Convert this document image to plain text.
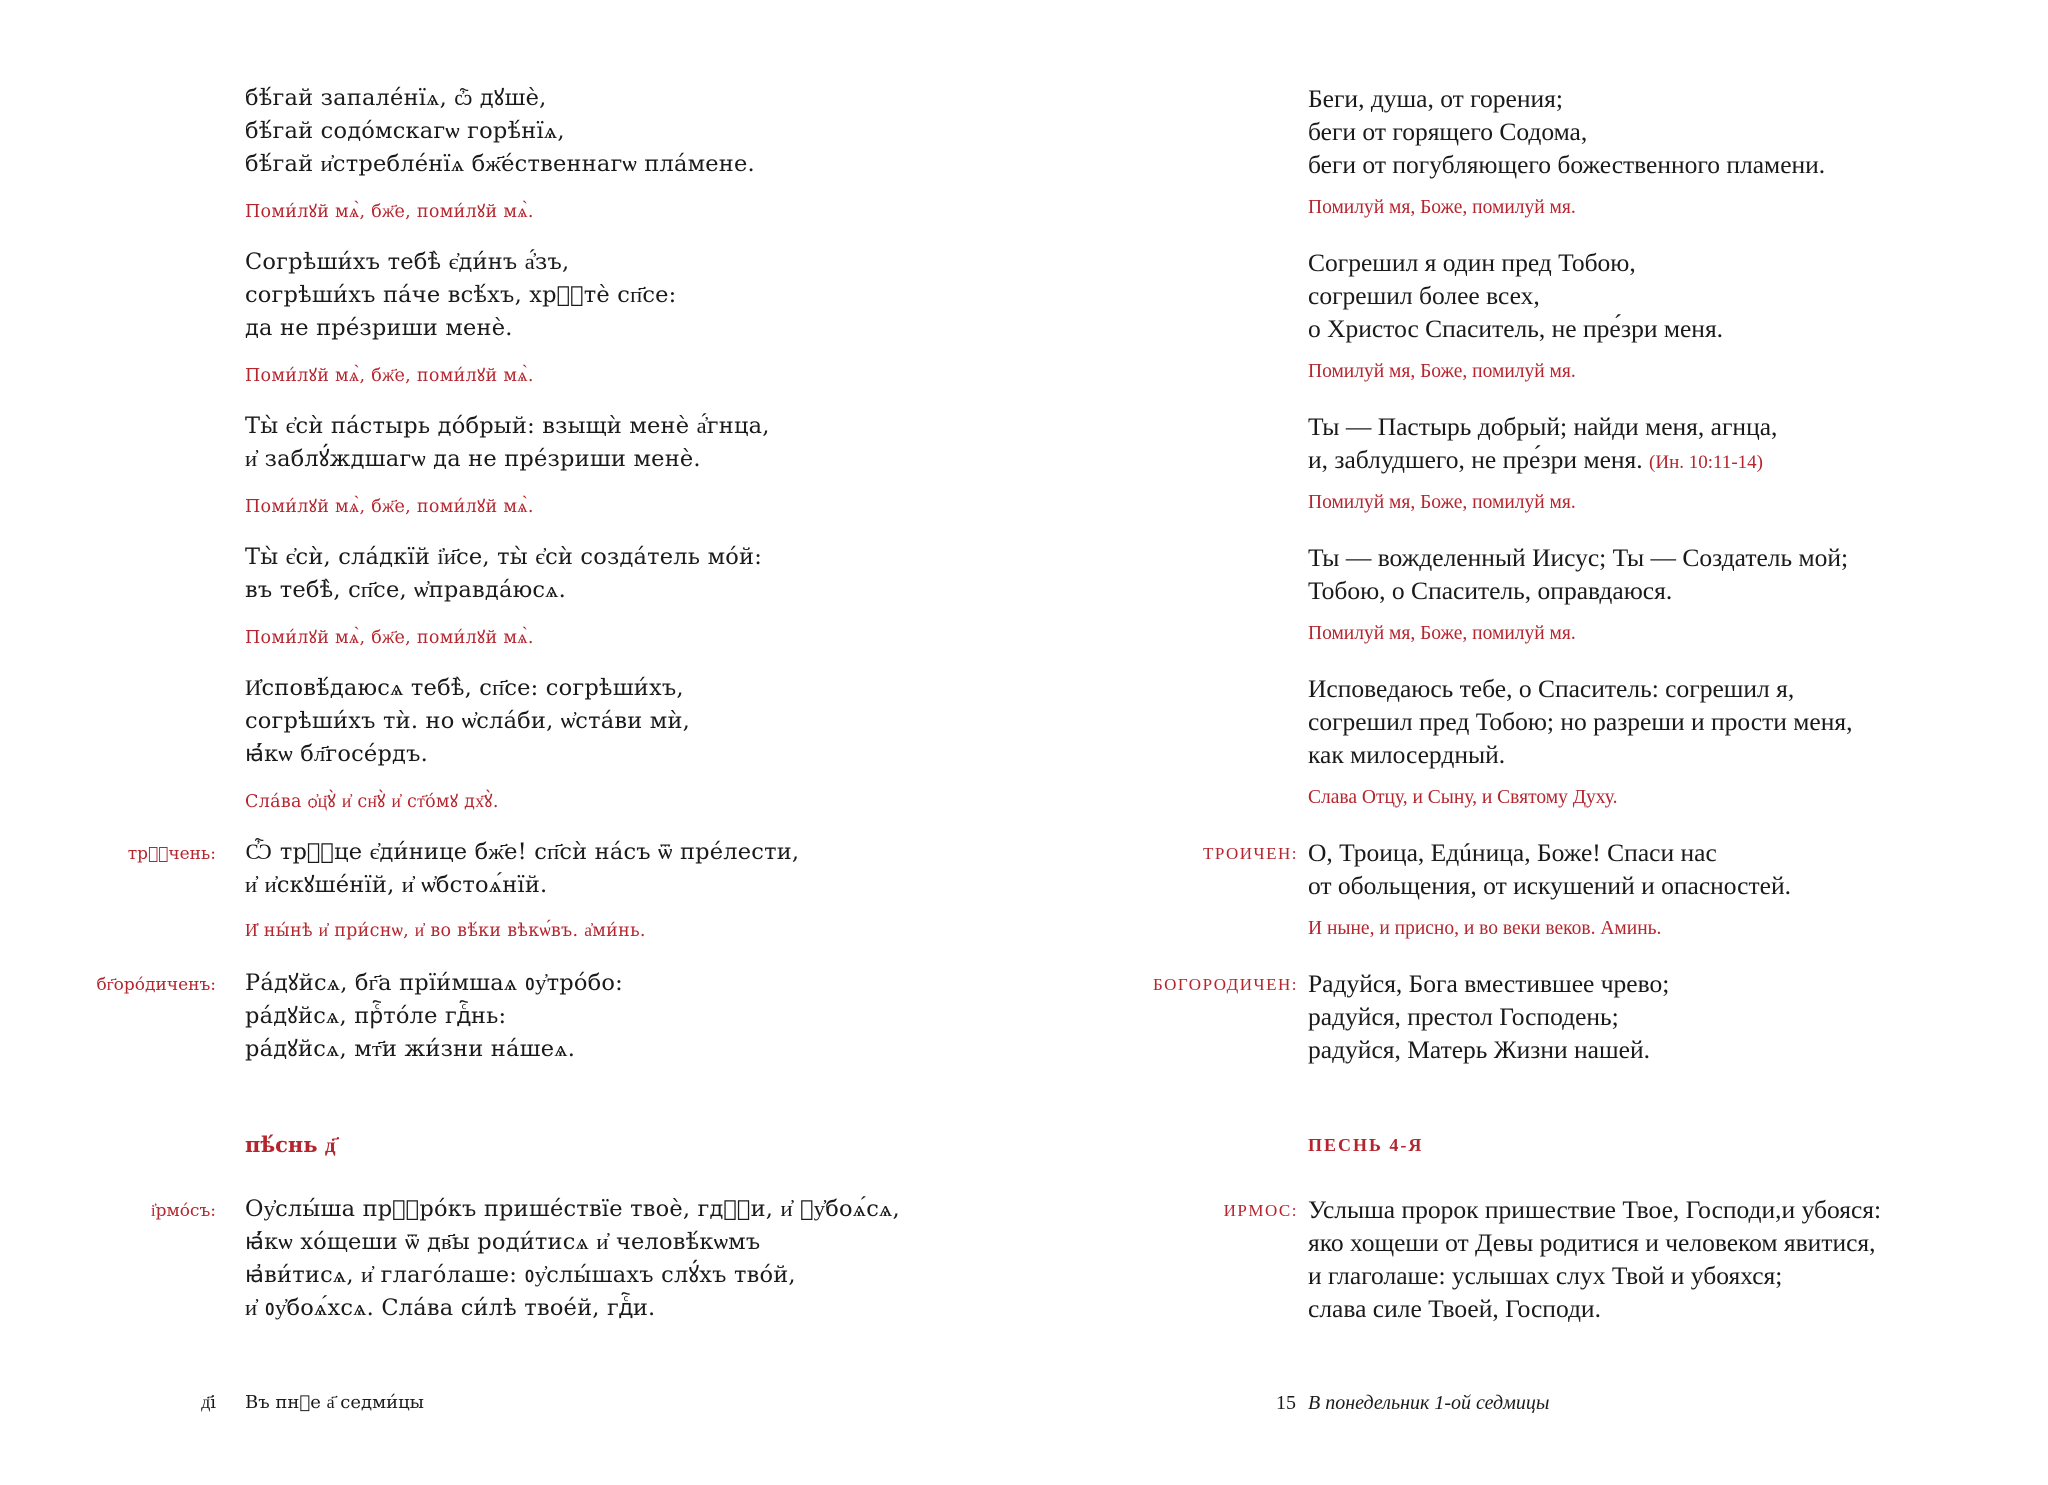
бѣ́гай запале́нїѧ, ѽ дꙋшѐ,
бѣ́гай содо́мскагѡ горѣ́нїѧ,
бѣ́гай и҆стребле́нїѧ бж҃е́ственнагѡ пла́мене.
Поми́лꙋй мѧ̀, бж҃е, поми́лꙋй мѧ̀.
Согрѣши́хъ тебѣ̀ є҆ди́нъ а҆́зъ,
согрѣши́хъ па́че всѣ́хъ, хрⷭ҇тѐ сп҃се:
да не пре́зриши менѐ.
Поми́лꙋй мѧ̀, бж҃е, поми́лꙋй мѧ̀.
Ты̀ є҆сѝ па́стырь до́брый: взыщѝ менѐ а҆́гнца,
и҆ заблꙋ́ждшагѡ да не пре́зриши менѐ.
Поми́лꙋй мѧ̀, бж҃е, поми́лꙋй мѧ̀.
Ты̀ є҆сѝ, сла́дкїй і҆и҃се, ты̀ є҆сѝ созда́тель мо́й:
въ тебѣ̀, сп҃се, ѡ҆правда́юсѧ.
Поми́лꙋй мѧ̀, бж҃е, поми́лꙋй мѧ̀.
И҆сповѣ́даюсѧ тебѣ̀, сп҃се: согрѣши́хъ,
согрѣши́хъ тѝ. но ѡ҆сла́би, ѡ҆ста́ви мѝ,
ꙗ҆́кѡ бл҃госе́рдъ.
Сла́ва ѻ҆ц҃ꙋ̀ и҆ сн҃ꙋ̀ и҆ ст҃о́мꙋ дх҃ꙋ̀.
трⷪ҇чень: Ѽ трⷪ҇це є҆ди́нице бж҃е! сп҃сѝ на́съ ѿ пре́лести,
и҆ и҆скꙋше́нїй, и҆ ѡ҆бстоѧ́нїй.
И҆ ны́нѣ и҆ при́снѡ, и҆ во вѣ́ки вѣкѡ́въ. а҆ми́нь.
бг҃оро́диченъ: Ра́дꙋйсѧ, бг҃а прїи́мшаѧ ᲂу҆тро́бо:
ра́дꙋйсѧ, прⷭ҇то́ле гдⷭ҇нь:
ра́дꙋйсѧ, мт҃и жи́зни на́шеѧ.
пѣ́снь д҃
і҆рмо́съ: Оу҆слы́ша прⷪ҇ро́къ прише́ствїе твоѐ, гдⷭ҇и, и҆ ᲂу҆боѧ́сѧ,
ꙗ҆́кѡ хо́щеши ѿ дв҃ы роди́тисѧ и҆ человѣ́кѡмъ
ꙗ҆ви́тисѧ, и҆ глаго́лаше: ᲂу҆слы́шахъ слꙋ́хъ тво́й,
и҆ ᲂу҆боѧ́хсѧ. Сла́ва си́лѣ твое́й, гдⷭ҇и.
д҃і Въ пнⷣе а҃ седми́цы
Беги, душа, от горения;
беги от горящего Содома,
беги от погубляющего божественного пламени.
Помилуй мя, Боже, помилуй мя.
Согрешил я один пред Тобою,
согрешил более всех,
о Христос Спаситель, не пре́зри меня.
Помилуй мя, Боже, помилуй мя.
Ты — Пастырь добрый; найди меня, агнца,
и, заблудшего, не пре́зри меня. (Ин. 10:11-14)
Помилуй мя, Боже, помилуй мя.
Ты — вожделенный Иисус; Ты — Создатель мой;
Тобою, о Спаситель, оправдаюся.
Помилуй мя, Боже, помилуй мя.
Исповедаюсь тебе, о Спаситель: согрешил я,
согрешил пред Тобою; но разреши и прости меня,
как милосердный.
Слава Отцу, и Сыну, и Святому Духу.
ТРОИЧЕН: О, Троица, Едúница, Боже! Спаси нас
от обольщения, от искушений и опасностей.
И ныне, и присно, и во веки веков. Аминь.
БОГОРОДИЧЕН: Радуйся, Бога вместившее чрево;
радуйся, престол Господень;
радуйся, Матерь Жизни нашей.
ПЕСНЬ 4-Я
ИРМОС: Услыша пророк пришествие Твое, Господи,и убояся:
яко хощеши от Девы родитися и человеком явитися,
и глаголаше: услышах слух Твой и убояхся;
слава силе Твоей, Господи.
15 В понедельник 1-ой седмицы
